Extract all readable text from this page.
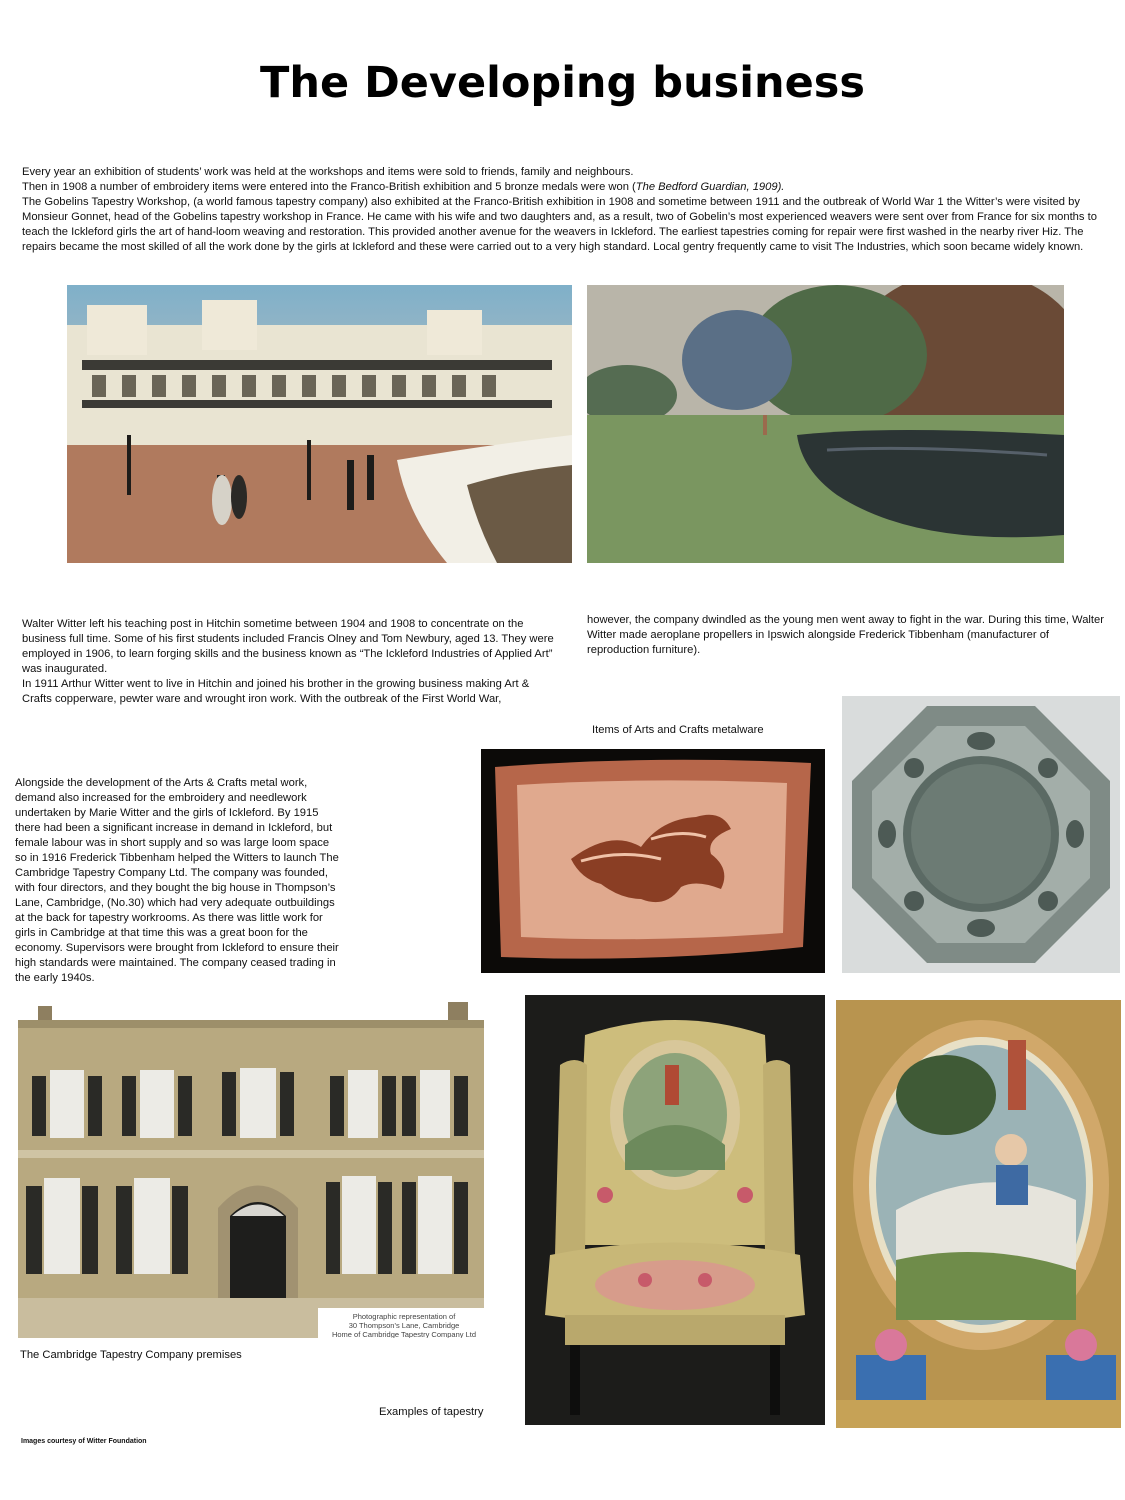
The Developing business

Every year an exhibition of students’ work was held at the workshops and items were sold to friends, family and neighbours.

Then in 1908 a number of embroidery items were entered into the Franco-British exhibition and 5 bronze medals were won (The Bedford Guardian, 1909).

The Gobelins Tapestry Workshop, (a world famous tapestry company) also exhibited at the Franco-British exhibition in 1908 and sometime between 1911 and the outbreak of World War 1 the Witter’s were visited by Monsieur Gonnet, head of the Gobelins tapestry workshop in France. He came with his wife and two daughters and, as a result, two of Gobelin’s most experienced weavers were sent over from France for six months to teach the Ickleford girls the art of hand-loom weaving and restoration. This provided another avenue for the weavers in Ickleford. The earliest tapestries coming for repair were first washed in the nearby river Hiz. The repairs became the most skilled of all the work done by the girls at Ickleford and these were carried out to a very high standard. Local gentry frequently came to visit The Industries, which soon became widely known.

Walter Witter left his teaching post in Hitchin sometime between 1904 and 1908 to concentrate on the business full time. Some of his first students included Francis Olney and Tom Newbury, aged 13. They were employed in 1906, to learn forging skills and the business known as “The Ickleford Industries of Applied Art” was inaugurated.

In 1911 Arthur Witter went to live in Hitchin and joined his brother in the growing business making Art & Crafts copperware, pewter ware and wrought iron work. With the outbreak of the First World War,

however, the company dwindled as the young men went away to fight in the war. During this time, Walter Witter made aeroplane propellers in Ipswich alongside Frederick Tibbenham (manufacturer of reproduction furniture).

Items of Arts and Crafts metalware

Alongside the development of the Arts & Crafts metal work, demand also increased for the embroidery and needlework undertaken by Marie Witter and the girls of Ickleford. By 1915 there had been a significant increase in demand in Ickleford, but female labour was in short supply and so was large loom space so in 1916 Frederick Tibbenham helped the Witters to launch The Cambridge Tapestry Company Ltd. The company was founded, with four directors, and they bought the big house in Thompson’s Lane, Cambridge, (No.30) which had very adequate outbuildings at the back for tapestry workrooms. As there was little work for girls in Cambridge at that time this was a great boon for the economy. Supervisors were brought from Ickleford to ensure their high standards were maintained. The company ceased trading in the early 1940s.

Photographic representation of
30 Thompson’s Lane, Cambridge
Home of Cambridge Tapestry Company Ltd
The Cambridge Tapestry Company premises
Examples of tapestry
Images courtesy of Witter Foundation
